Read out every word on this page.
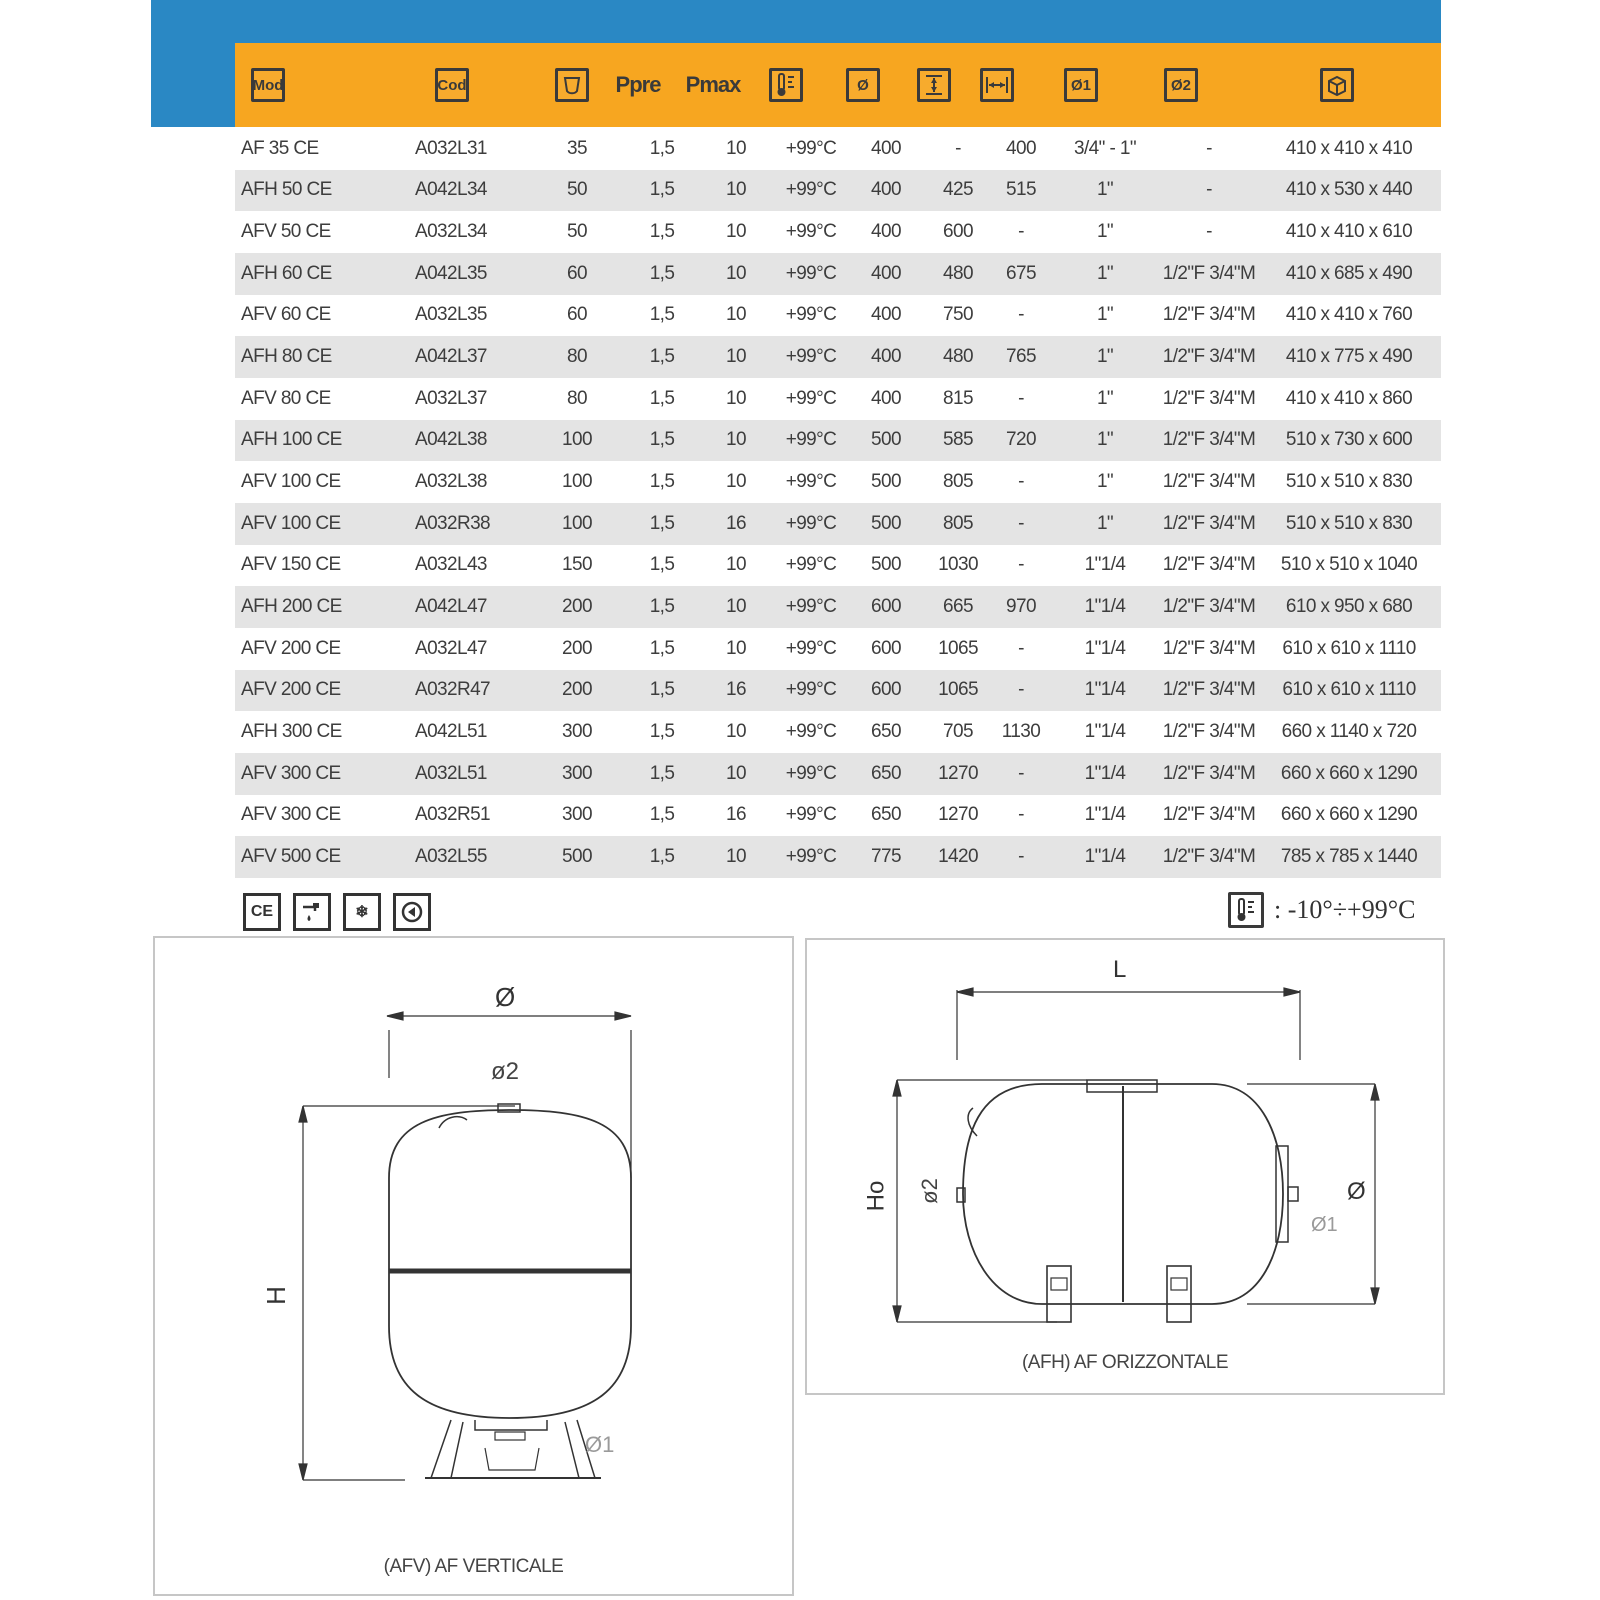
Mod	Cod	Ppre Pmax	Ø	Ø1	Ø2
AF 35 CE	A032L31	35	1,5	10	+99°C	400	-	400	3/4" - 1"	-	410 x 410 x 410
AFH 50 CE	A042L34	50	1,5	10	+99°C	400	425	515	1"	-	410 x 530 x 440
AFV 50 CE	A032L34	50	1,5	10	+99°C	400	600	-	1"	-	410 x 410 x 610
AFH 60 CE	A042L35	60	1,5	10	+99°C	400	480	675	1"	1/2"F 3/4"M	410 x 685 x 490
AFV 60 CE	A032L35	60	1,5	10	+99°C	400	750	-	1"	1/2"F 3/4"M	410 x 410 x 760
AFH 80 CE	A042L37	80	1,5	10	+99°C	400	480	765	1"	1/2"F 3/4"M	410 x 775 x 490
AFV 80 CE	A032L37	80	1,5	10	+99°C	400	815	-	1"	1/2"F 3/4"M	410 x 410 x 860
AFH 100 CE	A042L38	100	1,5	10	+99°C	500	585	720	1"	1/2"F 3/4"M	510 x 730 x 600
AFV 100 CE	A032L38	100	1,5	10	+99°C	500	805	-	1"	1/2"F 3/4"M	510 x 510 x 830
AFV 100 CE	A032R38	100	1,5	16	+99°C	500	805	-	1"	1/2"F 3/4"M	510 x 510 x 830
AFV 150 CE	A032L43	150	1,5	10	+99°C	500	1030	-	1"1/4	1/2"F 3/4"M	510 x 510 x 1040
AFH 200 CE	A042L47	200	1,5	10	+99°C	600	665	970	1"1/4	1/2"F 3/4"M	610 x 950 x 680
AFV 200 CE	A032L47	200	1,5	10	+99°C	600	1065	-	1"1/4	1/2"F 3/4"M	610 x 610 x 1110
AFV 200 CE	A032R47	200	1,5	16	+99°C	600	1065	-	1"1/4	1/2"F 3/4"M	610 x 610 x 1110
AFH 300 CE	A042L51	300	1,5	10	+99°C	650	705	1130	1"1/4	1/2"F 3/4"M	660 x 1140 x 720
AFV 300 CE	A032L51	300	1,5	10	+99°C	650	1270	-	1"1/4	1/2"F 3/4"M	660 x 660 x 1290
AFV 300 CE	A032R51	300	1,5	16	+99°C	650	1270	-	1"1/4	1/2"F 3/4"M	660 x 660 x 1290
AFV 500 CE	A032L55	500	1,5	10	+99°C	775	1420	-	1"1/4	1/2"F 3/4"M	785 x 785 x 1440
CE	❄	: -10°÷+99°C
Ø
ø2
H
Ø1
(AFV) AF VERTICALE
L
Ho ø2	Ø
Ø1
(AFH) AF ORIZZONTALE
